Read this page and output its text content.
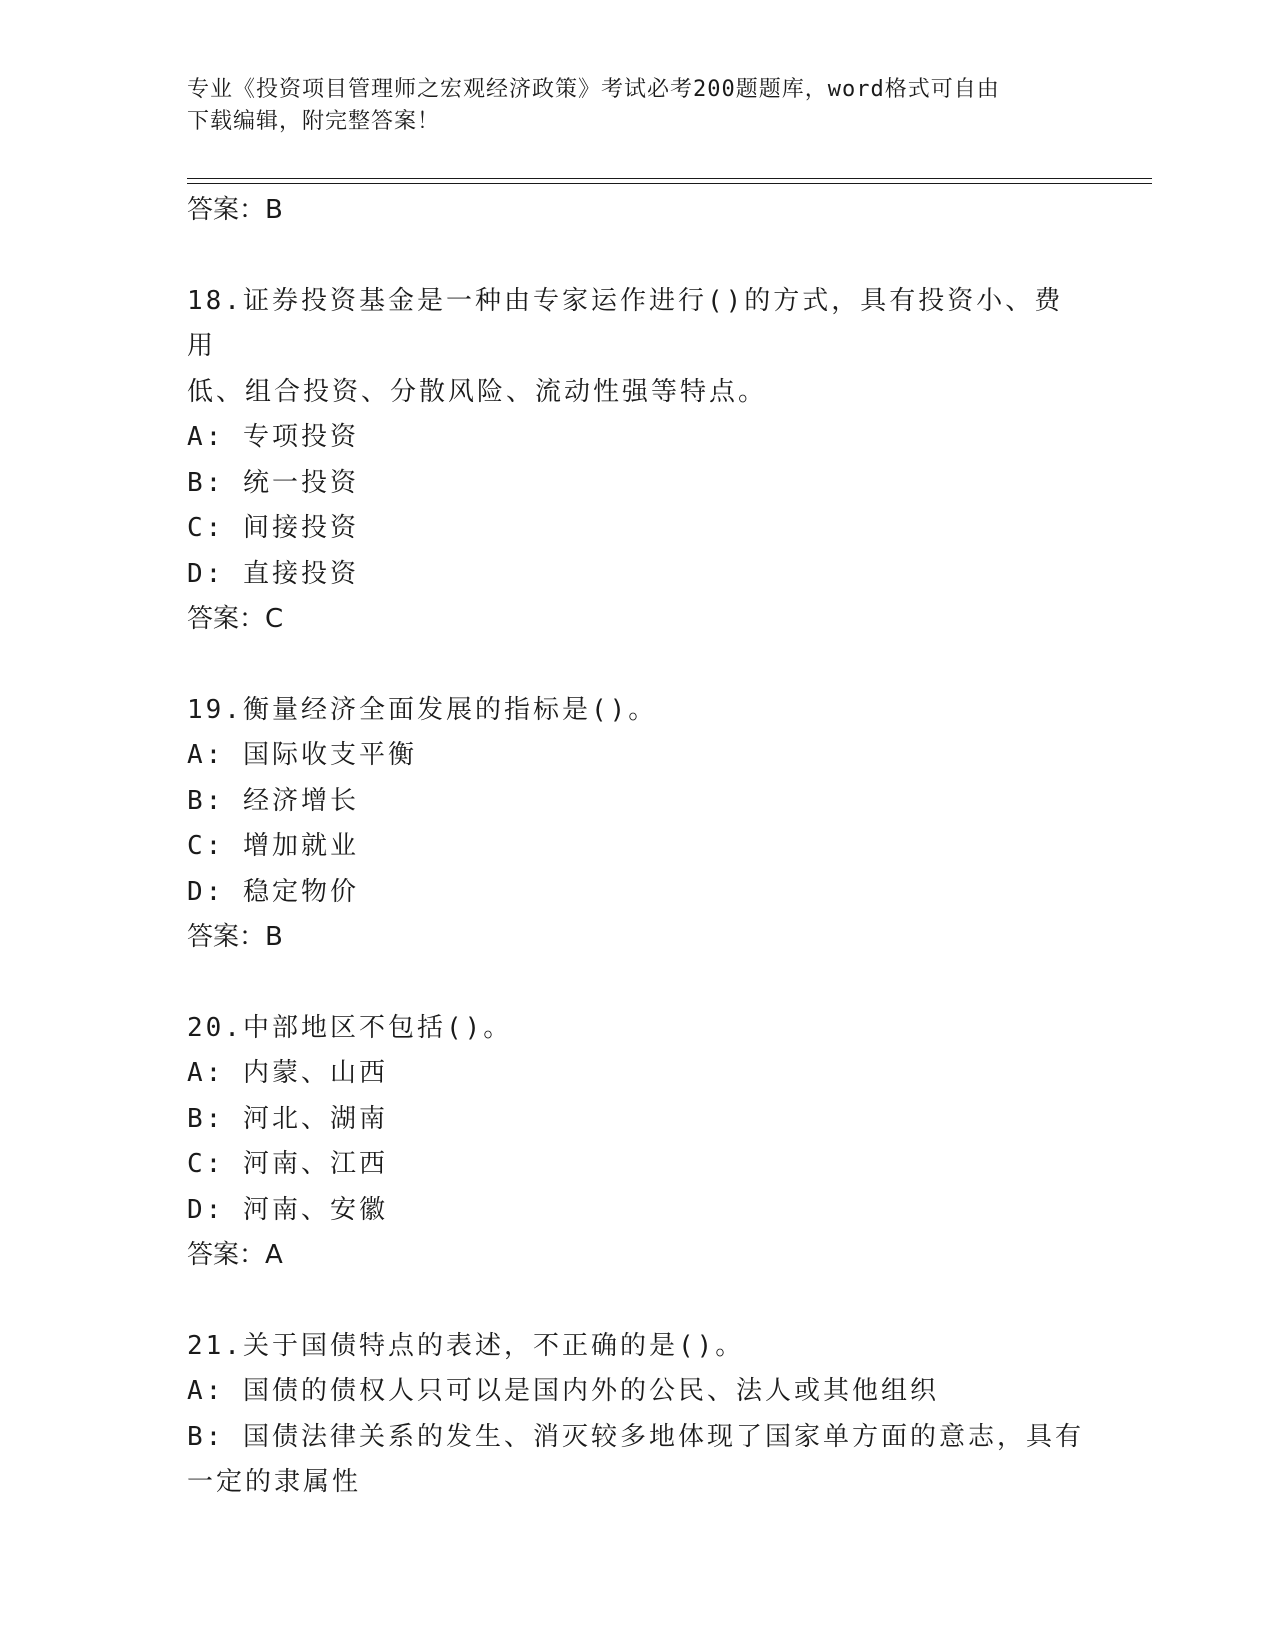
专业《投资项目管理师之宏观经济政策》考试必考200题题库，word格式可自由
下载编辑，附完整答案！
答案：B
18.证券投资基金是一种由专家运作进行()的方式，具有投资小、费用
低、组合投资、分散风险、流动性强等特点。
A: 专项投资
B: 统一投资
C: 间接投资
D: 直接投资
答案：C
19.衡量经济全面发展的指标是()。
A: 国际收支平衡
B: 经济增长
C: 增加就业
D: 稳定物价
答案：B
20.中部地区不包括()。
A: 内蒙、山西
B: 河北、湖南
C: 河南、江西
D: 河南、安徽
答案：A
21.关于国债特点的表述，不正确的是()。
A: 国债的债权人只可以是国内外的公民、法人或其他组织
B: 国债法律关系的发生、消灭较多地体现了国家单方面的意志，具有
一定的隶属性
